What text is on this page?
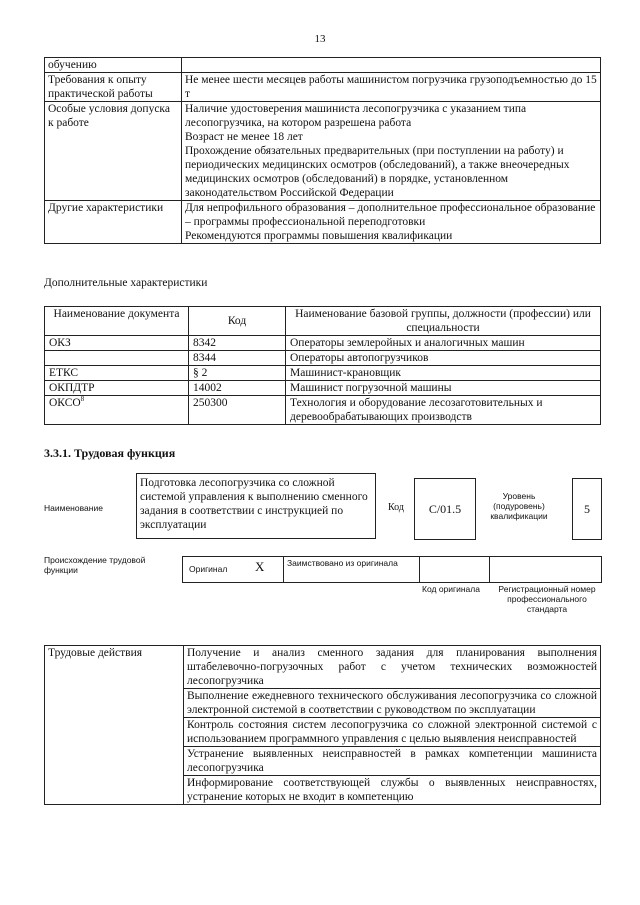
13
обучению	
Требования к опыту практической работы	Не менее шести месяцев работы машинистом погрузчика грузоподъемностью до 15 т
Особые условия допуска к работе	Наличие удостоверения машиниста лесопогрузчика с указанием типа лесопогрузчика, на котором разрешена работа
Возраст не менее 18 лет
Прохождение обязательных предварительных (при поступлении на работу) и периодических медицинских осмотров (обследований), а также внеочередных медицинских осмотров (обследований) в порядке, установленном законодательством Российской Федерации

Другие характеристики	Для непрофильного образования – дополнительное профессиональное образование – программы профессиональной переподготовки
Рекомендуются программы повышения квалификации
Дополнительные характеристики
Наименование документа	Код	Наименование базовой группы, должности (профессии) или специальности
ОКЗ	8342	Операторы землеройных и аналогичных машин
	8344	Операторы автопогрузчиков
ЕТКС	§ 2	Машинист-крановщик
ОКПДТР	14002	Машинист погрузочной машины
ОКСО$^8$	250300	Технология и оборудование лесозаготовительных и деревообрабатывающих производств
3.3.1. Трудовая функция
Наименование
Подготовка лесопогрузчика со сложной системой управления к выполнению сменного задания в соответствии с инструкцией по эксплуатации
Код	С/01.5
Уровень (подуровень) квалификации	5
Происхождение трудовой функции	Оригинал X	Заимствовано из оригинала
Код оригинала	Регистрационный номер профессионального стандарта
Трудовые действия	Получение и анализ сменного задания для планирования выполнения штабелевочно-погрузочных работ с учетом технических возможностей лесопогрузчика
Выполнение ежедневного технического обслуживания лесопогрузчика со сложной электронной системой в соответствии с руководством по эксплуатации
Контроль состояния систем лесопогрузчика со сложной электронной системой с использованием программного управления с целью выявления неисправностей
Устранение выявленных неисправностей в рамках компетенции машиниста лесопогрузчика
Информирование соответствующей службы о выявленных неисправностях, устранение которых не входит в компетенцию
